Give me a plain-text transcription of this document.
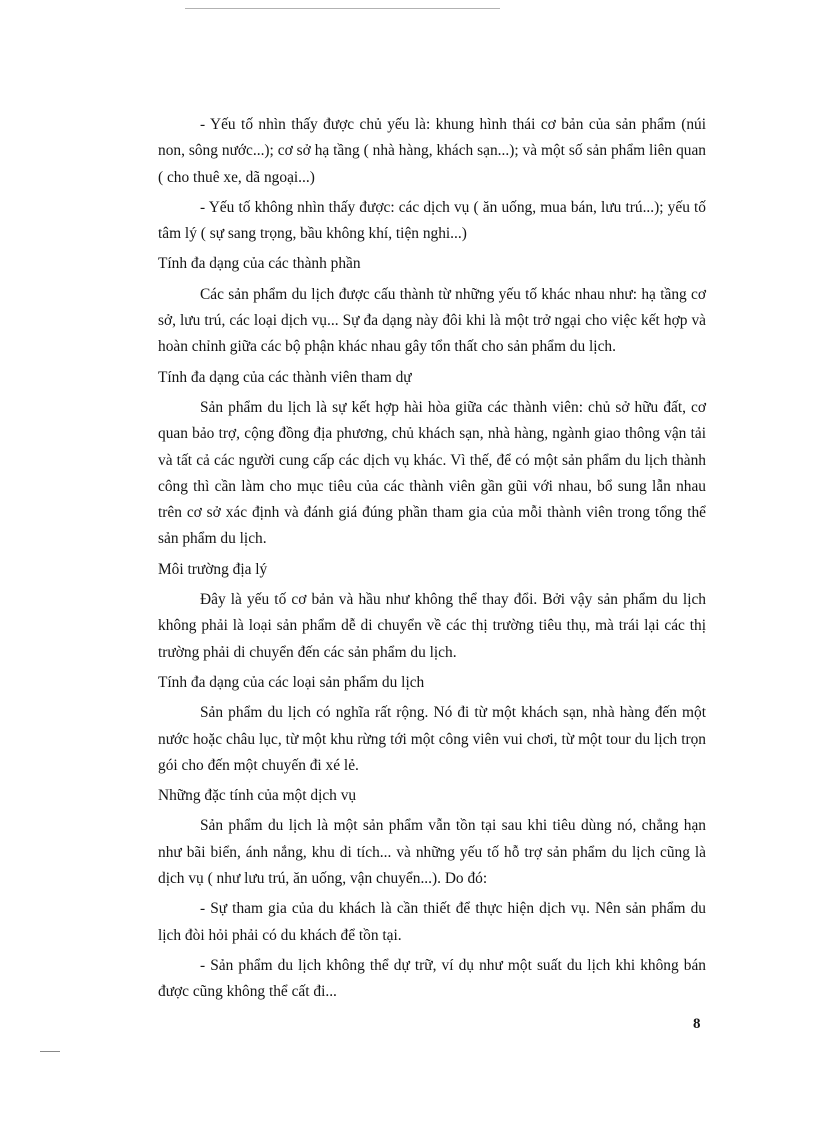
- Yếu tố nhìn thấy được chủ yếu là: khung hình thái cơ bản của sản phẩm (núi non, sông nước...); cơ sở hạ tầng ( nhà hàng, khách sạn...); và một số sản phẩm liên quan ( cho thuê xe, dã ngoại...)

- Yếu tố không nhìn thấy được: các dịch vụ ( ăn uống, mua bán, lưu trú...); yếu tố tâm lý ( sự sang trọng, bầu không khí, tiện nghi...)

Tính đa dạng của các thành phần

Các sản phẩm du lịch được cấu thành từ những yếu tố khác nhau như: hạ tầng cơ sở, lưu trú, các loại dịch vụ... Sự đa dạng này đôi khi là một trở ngại cho việc kết hợp và hoàn chỉnh giữa các bộ phận khác nhau gây tổn thất cho sản phẩm du lịch.

Tính đa dạng của các thành viên tham dự

Sản phẩm du lịch là sự kết hợp hài hòa giữa các thành viên: chủ sở hữu đất, cơ quan bảo trợ, cộng đồng địa phương, chủ khách sạn, nhà hàng, ngành giao thông vận tải và tất cả các người cung cấp các dịch vụ khác. Vì thế, để có một sản phẩm du lịch thành công thì cần làm cho mục tiêu của các thành viên gần gũi với nhau, bổ sung lẫn nhau trên cơ sở xác định và đánh giá đúng phần tham gia của mỗi thành viên trong tổng thể sản phẩm du lịch.

Môi trường địa lý

Đây là yếu tố cơ bản và hầu như không thể thay đổi. Bởi vậy sản phẩm du lịch không phải là loại sản phẩm dễ di chuyển về các thị trường tiêu thụ, mà trái lại các thị trường phải di chuyển đến các sản phẩm du lịch.

Tính đa dạng của các loại sản phẩm du lịch

Sản phẩm du lịch có nghĩa rất rộng. Nó đi từ một khách sạn, nhà hàng đến một nước hoặc châu lục, từ một khu rừng tới một công viên vui chơi, từ một tour du lịch trọn gói cho đến một chuyến đi xé lẻ.

Những đặc tính của một dịch vụ

Sản phẩm du lịch là một sản phẩm vẫn tồn tại sau khi tiêu dùng nó, chẳng hạn như bãi biển, ánh nắng, khu di tích... và những yếu tố hỗ trợ sản phẩm du lịch cũng là dịch vụ ( như lưu trú, ăn uống, vận chuyển...). Do đó:

- Sự tham gia của du khách là cần thiết để thực hiện dịch vụ. Nên sản phẩm du lịch đòi hỏi phải có du khách để tồn tại.

- Sản phẩm du lịch không thể dự trữ, ví dụ như một suất du lịch khi không bán được cũng không thể cất đi...

8
